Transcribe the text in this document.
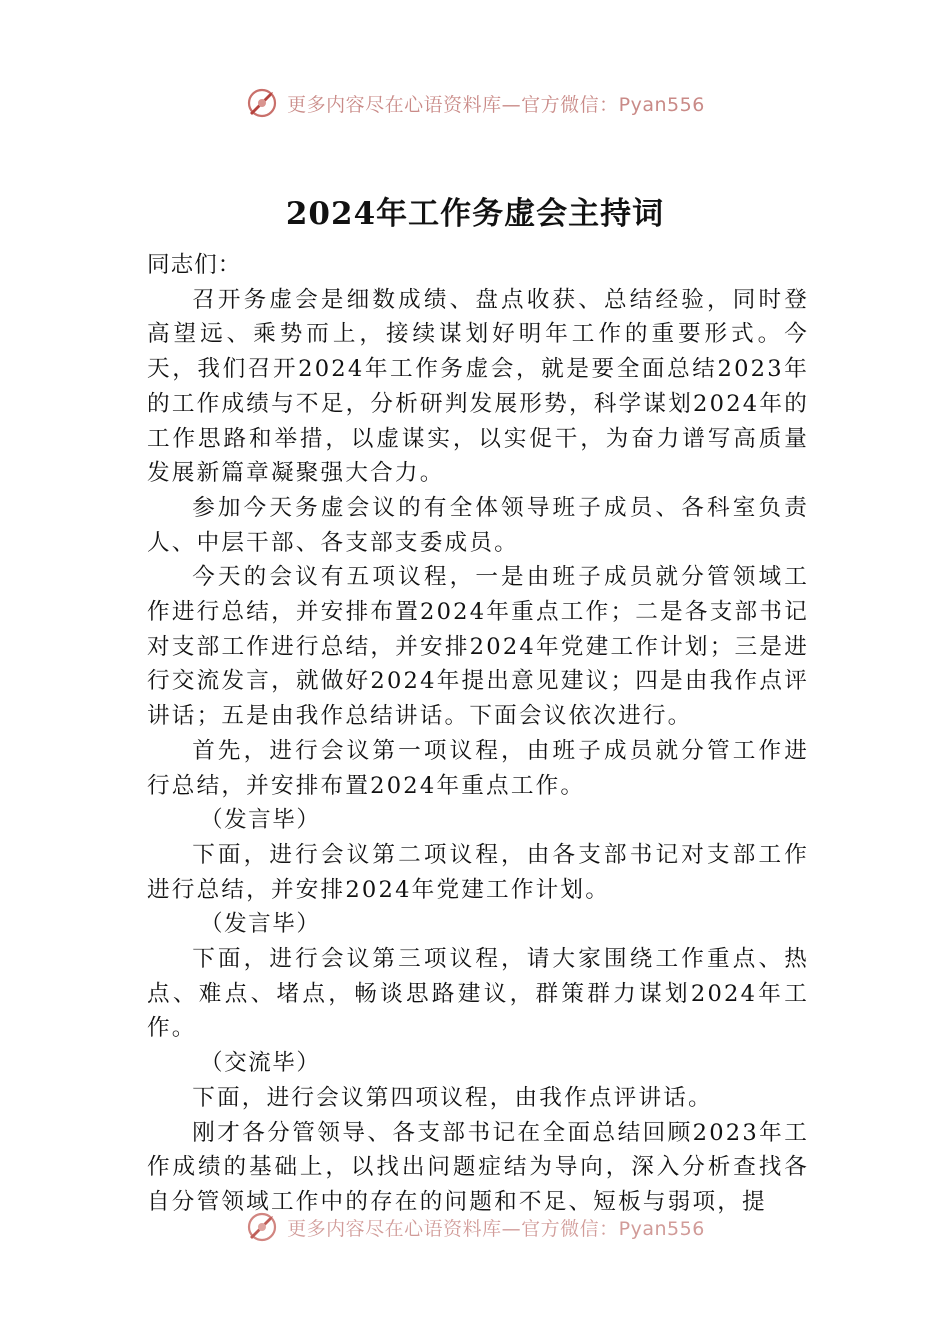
更多内容尽在心语资料库—官方微信：Pyan556
2024年工作务虚会主持词

同志们：

召开务虚会是细数成绩、盘点收获、总结经验，同时登高望远、乘势而上，接续谋划好明年工作的重要形式。今天，我们召开2024年工作务虚会，就是要全面总结2023年的工作成绩与不足，分析研判发展形势，科学谋划2024年的工作思路和举措，以虚谋实，以实促干，为奋力谱写高质量发展新篇章凝聚强大合力。

参加今天务虚会议的有全体领导班子成员、各科室负责人、中层干部、各支部支委成员。

今天的会议有五项议程，一是由班子成员就分管领域工作进行总结，并安排布置2024年重点工作；二是各支部书记对支部工作进行总结，并安排2024年党建工作计划；三是进行交流发言，就做好2024年提出意见建议；四是由我作点评讲话；五是由我作总结讲话。下面会议依次进行。

首先，进行会议第一项议程，由班子成员就分管工作进行总结，并安排布置2024年重点工作。

（发言毕）

下面，进行会议第二项议程，由各支部书记对支部工作进行总结，并安排2024年党建工作计划。

（发言毕）

下面，进行会议第三项议程，请大家围绕工作重点、热点、难点、堵点，畅谈思路建议，群策群力谋划2024年工作。

（交流毕）

下面，进行会议第四项议程，由我作点评讲话。

刚才各分管领导、各支部书记在全面总结回顾2023年工作成绩的基础上，以找出问题症结为导向，深入分析查找各自分管领域工作中的存在的问题和不足、短板与弱项，提

更多内容尽在心语资料库—官方微信：Pyan556
